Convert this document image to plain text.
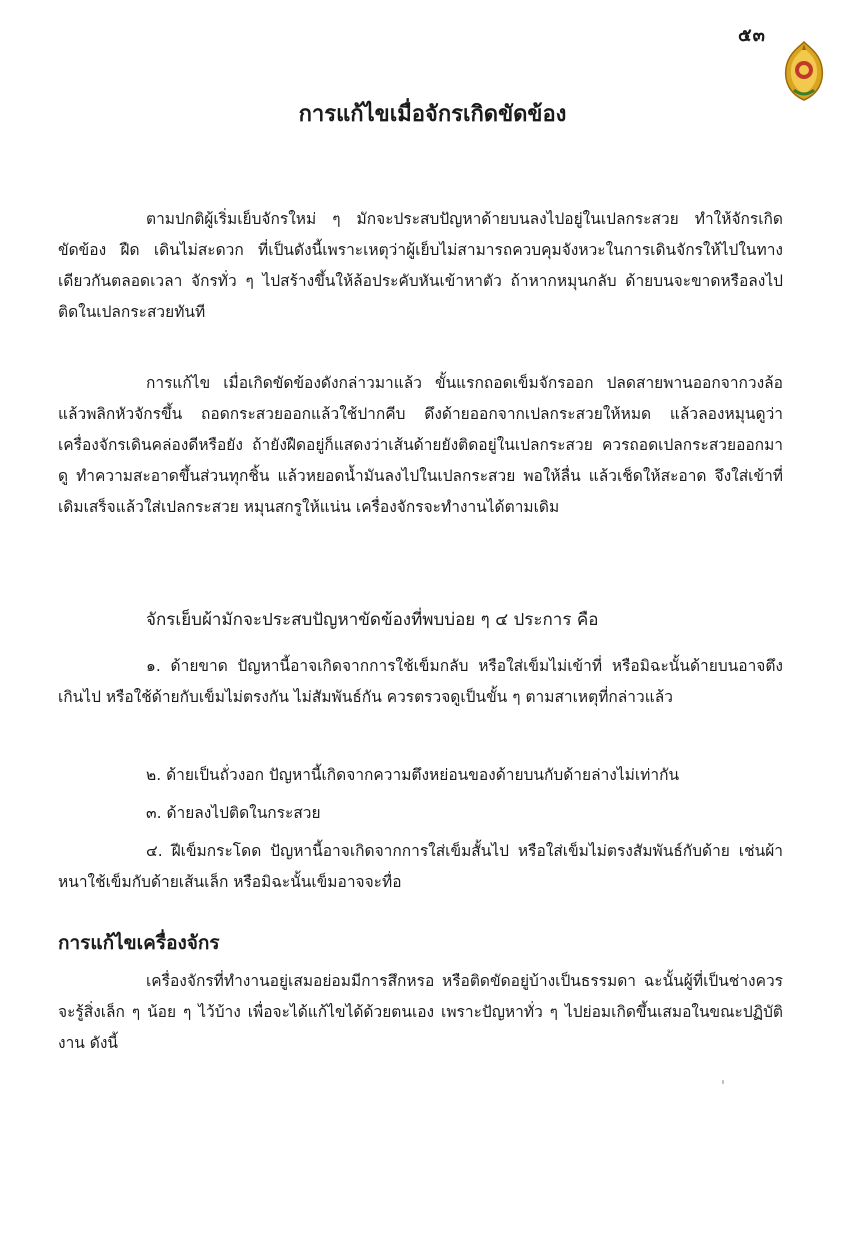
๕๓
การแก้ไขเมื่อจักรเกิดขัดข้อง

ตามปกติผู้เริ่มเย็บจักรใหม่ ๆ มักจะประสบปัญหาด้ายบนลงไปอยู่ในเปลกระสวย ทำให้จักรเกิดขัดข้อง ฝืด เดินไม่สะดวก ที่เป็นดังนี้เพราะเหตุว่าผู้เย็บไม่สามารถควบคุมจังหวะในการเดินจักรให้ไปในทางเดียวกันตลอดเวลา จักรทั่ว ๆ ไปสร้างขึ้นให้ล้อประคับหันเข้าหาตัว ถ้าหากหมุนกลับ ด้ายบนจะขาดหรือลงไปติดในเปลกระสวยทันที

การแก้ไข เมื่อเกิดขัดข้องดังกล่าวมาแล้ว ขั้นแรกถอดเข็มจักรออก ปลดสายพานออกจากวงล้อ แล้วพลิกหัวจักรขึ้น ถอดกระสวยออกแล้วใช้ปากคีบ ดึงด้ายออกจากเปลกระสวยให้หมด แล้วลองหมุนดูว่าเครื่องจักรเดินคล่องดีหรือยัง ถ้ายังฝืดอยู่ก็แสดงว่าเส้นด้ายยังติดอยู่ในเปลกระสวย ควรถอดเปลกระสวยออกมาดู ทำความสะอาดขึ้นส่วนทุกชิ้น แล้วหยอดน้ำมันลงไปในเปลกระสวย พอให้ลื่น แล้วเช็ดให้สะอาด จึงใส่เข้าที่เดิมเสร็จแล้วใส่เปลกระสวย หมุนสกรูให้แน่น เครื่องจักรจะทำงานได้ตามเดิม

จักรเย็บผ้ามักจะประสบปัญหาขัดข้องที่พบบ่อย ๆ ๔ ประการ คือ

๑. ด้ายขาด ปัญหานี้อาจเกิดจากการใช้เข็มกลับ หรือใส่เข็มไม่เข้าที่ หรือมิฉะนั้นด้ายบนอาจตึงเกินไป หรือใช้ด้ายกับเข็มไม่ตรงกัน ไม่สัมพันธ์กัน ควรตรวจดูเป็นขั้น ๆ ตามสาเหตุที่กล่าวแล้ว

๒. ด้ายเป็นถั่วงอก ปัญหานี้เกิดจากความตึงหย่อนของด้ายบนกับด้ายล่างไม่เท่ากัน

๓. ด้ายลงไปติดในกระสวย

๔. ฝีเข็มกระโดด ปัญหานี้อาจเกิดจากการใส่เข็มสั้นไป หรือใส่เข็มไม่ตรงสัมพันธ์กับด้าย เช่นผ้าหนาใช้เข็มกับด้ายเส้นเล็ก หรือมิฉะนั้นเข็มอาจจะทื่อ

การแก้ไขเครื่องจักร

เครื่องจักรที่ทำงานอยู่เสมอย่อมมีการสึกหรอ หรือติดขัดอยู่บ้างเป็นธรรมดา ฉะนั้นผู้ที่เป็นช่างควรจะรู้สิ่งเล็ก ๆ น้อย ๆ ไว้บ้าง เพื่อจะได้แก้ไขได้ด้วยตนเอง เพราะปัญหาทั่ว ๆ ไปย่อมเกิดขึ้นเสมอในขณะปฏิบัติงาน ดังนี้
